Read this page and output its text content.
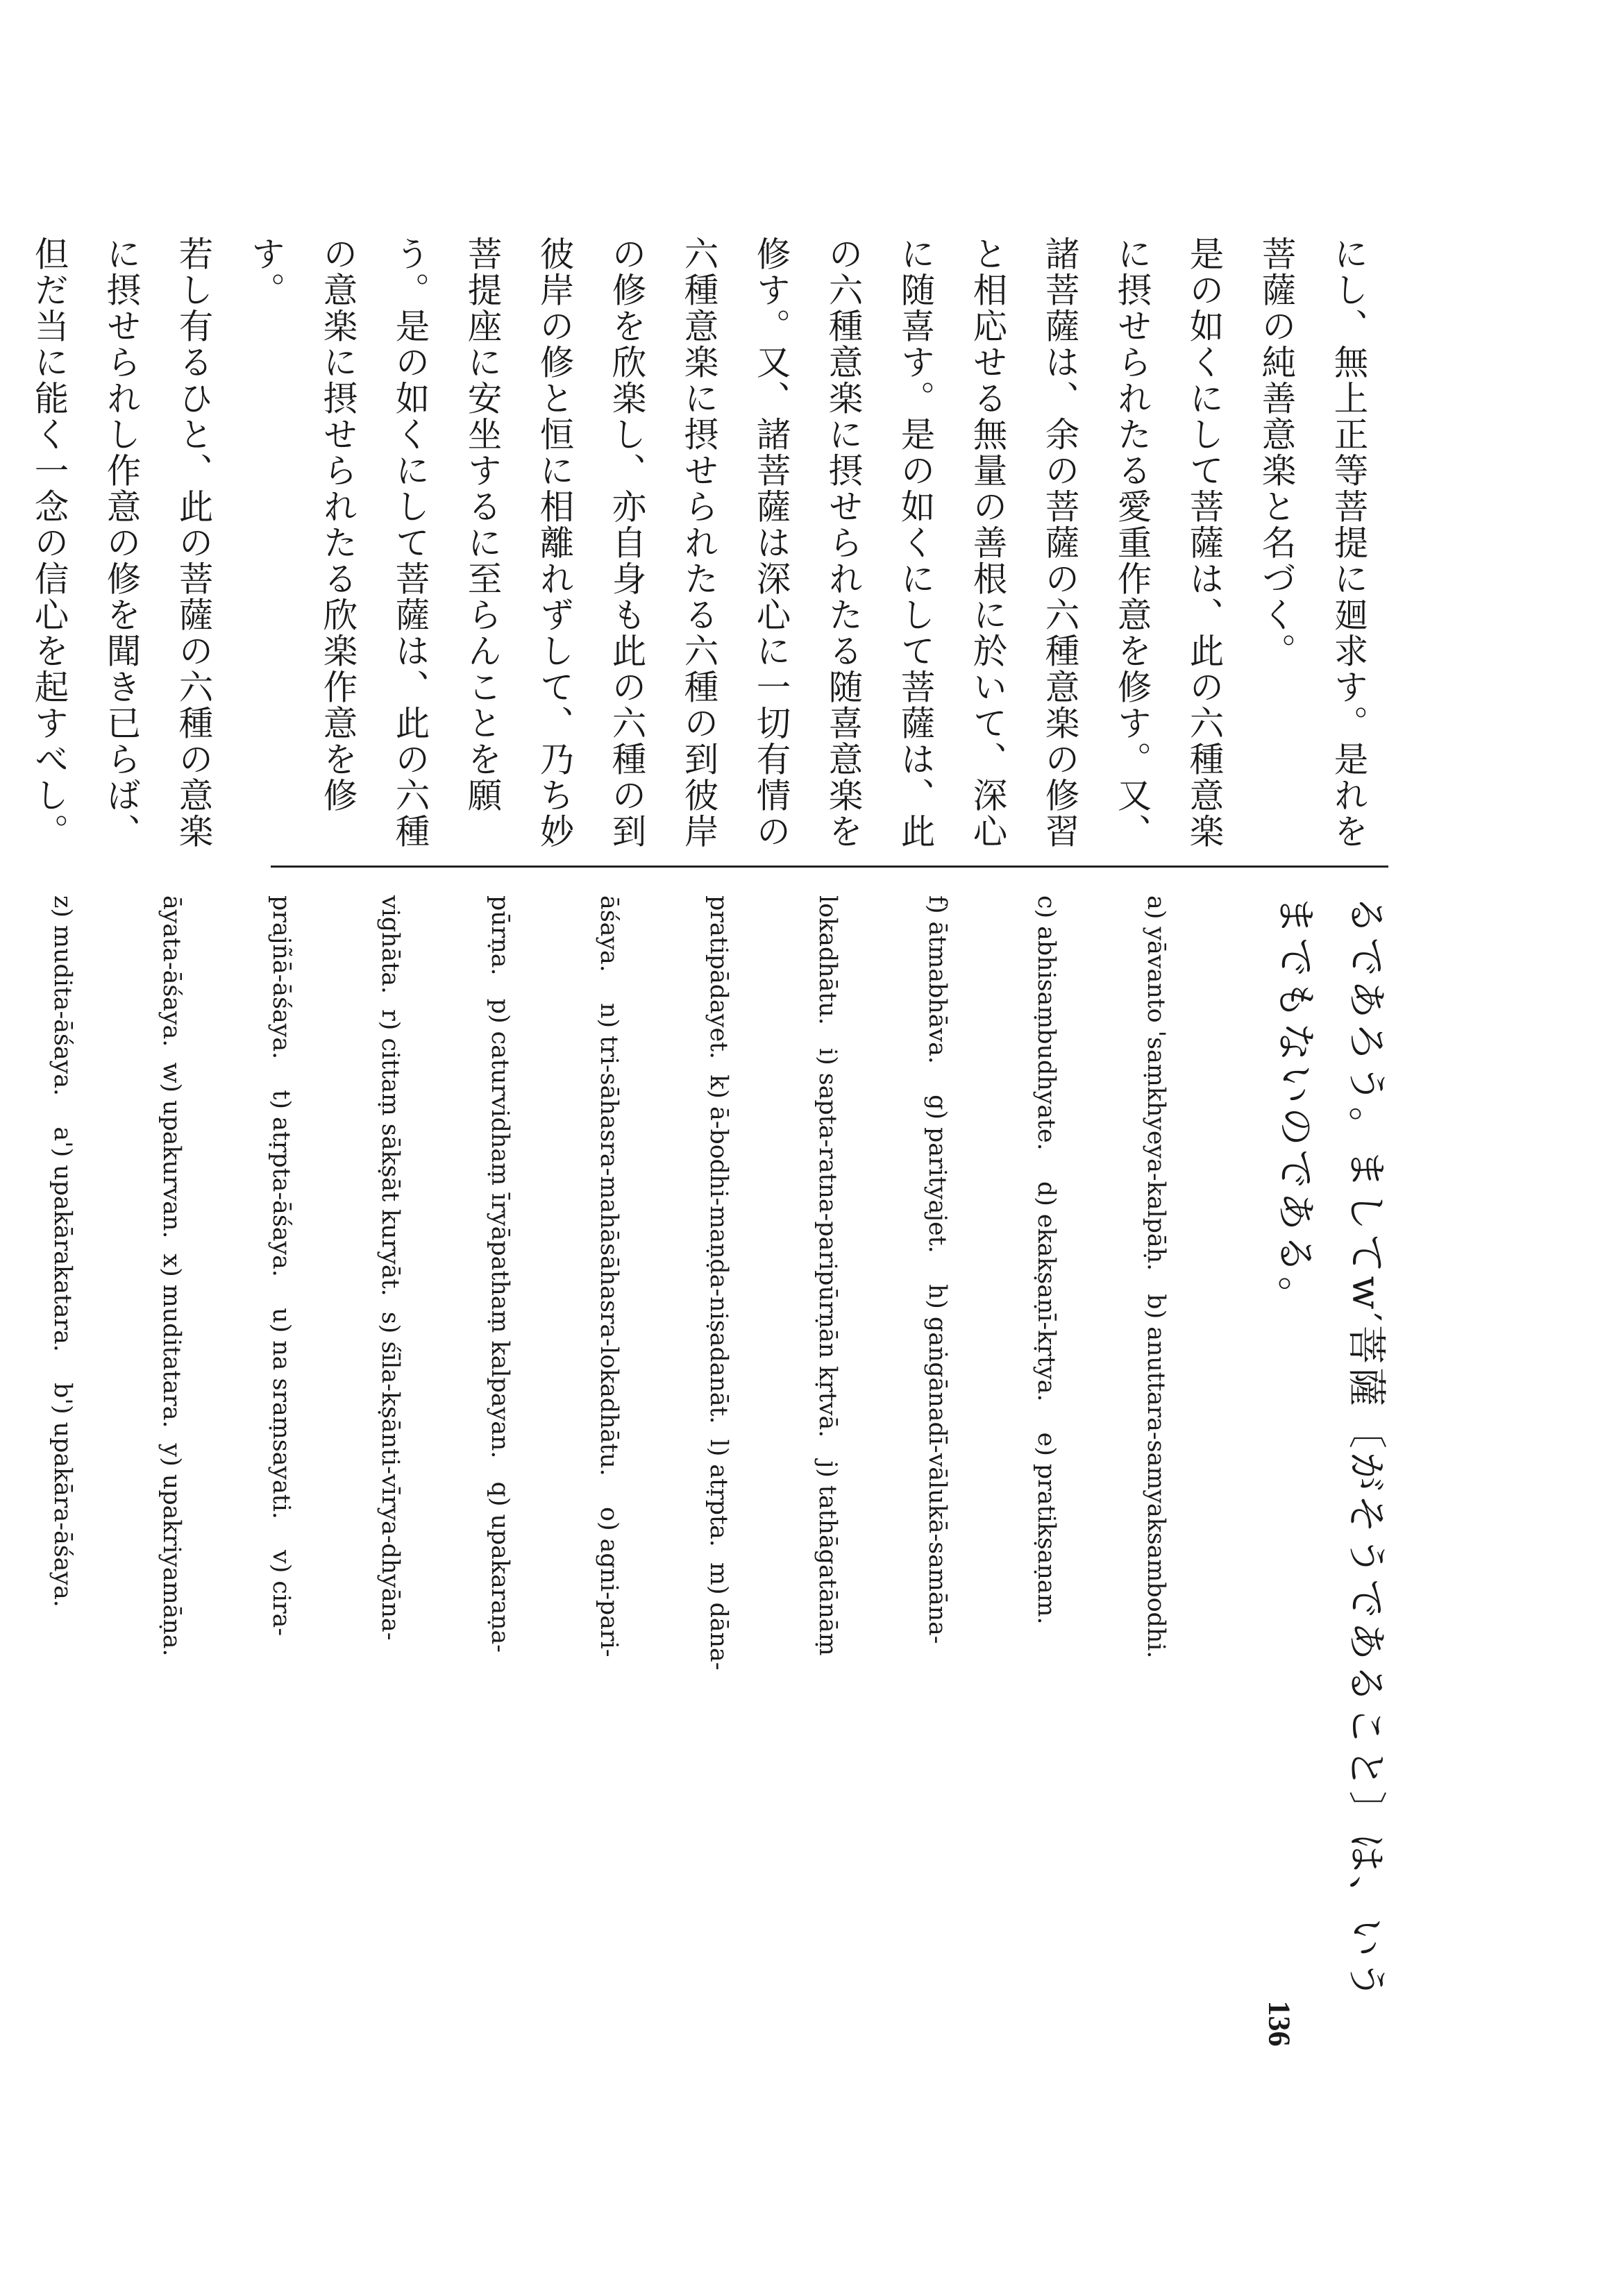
にし、無上正等菩提に廻求す。是れを
菩薩の純善意楽と名づく。
是の如くにして菩薩は、此の六種意楽
に摂せられたる愛重作意を修す。又、
諸菩薩は、余の菩薩の六種意楽の修習
と相応せる無量の善根に於いて、深心
に随喜す。是の如くにして菩薩は、此
の六種意楽に摂せられたる随喜意楽を
修す。又、諸菩薩は深心に一切有情の
六種意楽に摂せられたる六種の到彼岸
の修を欣楽し、亦自身も此の六種の到
彼岸の修と恒に相離れずして、乃ち妙
菩提座に安坐するに至らんことを願
う。是の如くにして菩薩は、此の六種
の意楽に摂せられたる欣楽作意を修
す。
若し有るひと、此の菩薩の六種の意楽
に摂せられし作意の修を聞き已らば、
但だ当に能く一念の信心を起すべし。
るであろう。ましてw′菩薩〔がそうであること〕は、いう
までもないのである。

a) yāvanto 'saṃkhyeya-kalpāḥ.   b) anuttara-samyaksambodhi.

c) abhisaṃbudhyate.    d) ekakṣaṇī-kṛtya.    e) pratikṣaṇam.

f) ātmabhāva.    g) parityajet.    h) gaṅgānadī-vālukā-samāna-

lokadhātu.   i) sapta-ratna-paripūrṇān kṛtvā.   j) tathāgatānāṃ

pratipādayet.  k) ā-bodhi-maṇḍa-niṣadanāt.  l) atṛpta.  m) dāna-

āśaya.    n) tri-sāhasra-mahāsāhasra-lokadhātu.    o) agni-pari-

pūrṇa.   p) caturvidhaṃ īryāpathaṃ kalpayan.   q) upakaraṇa-

vighāta.  r) cittaṃ sākṣāt kuryāt.  s) śīla-kṣānti-vīrya-dhyāna-

prajñā-āśaya.    t) atṛpta-āśaya.    u) na sraṃsayati.    v) cira-

āyata-āśaya.  w) upakurvan.  x) muditatara.  y) upakriyamāṇa.

z) mudita-āśaya.    a') upakārakatara.    b') upakāra-āśaya.

136
